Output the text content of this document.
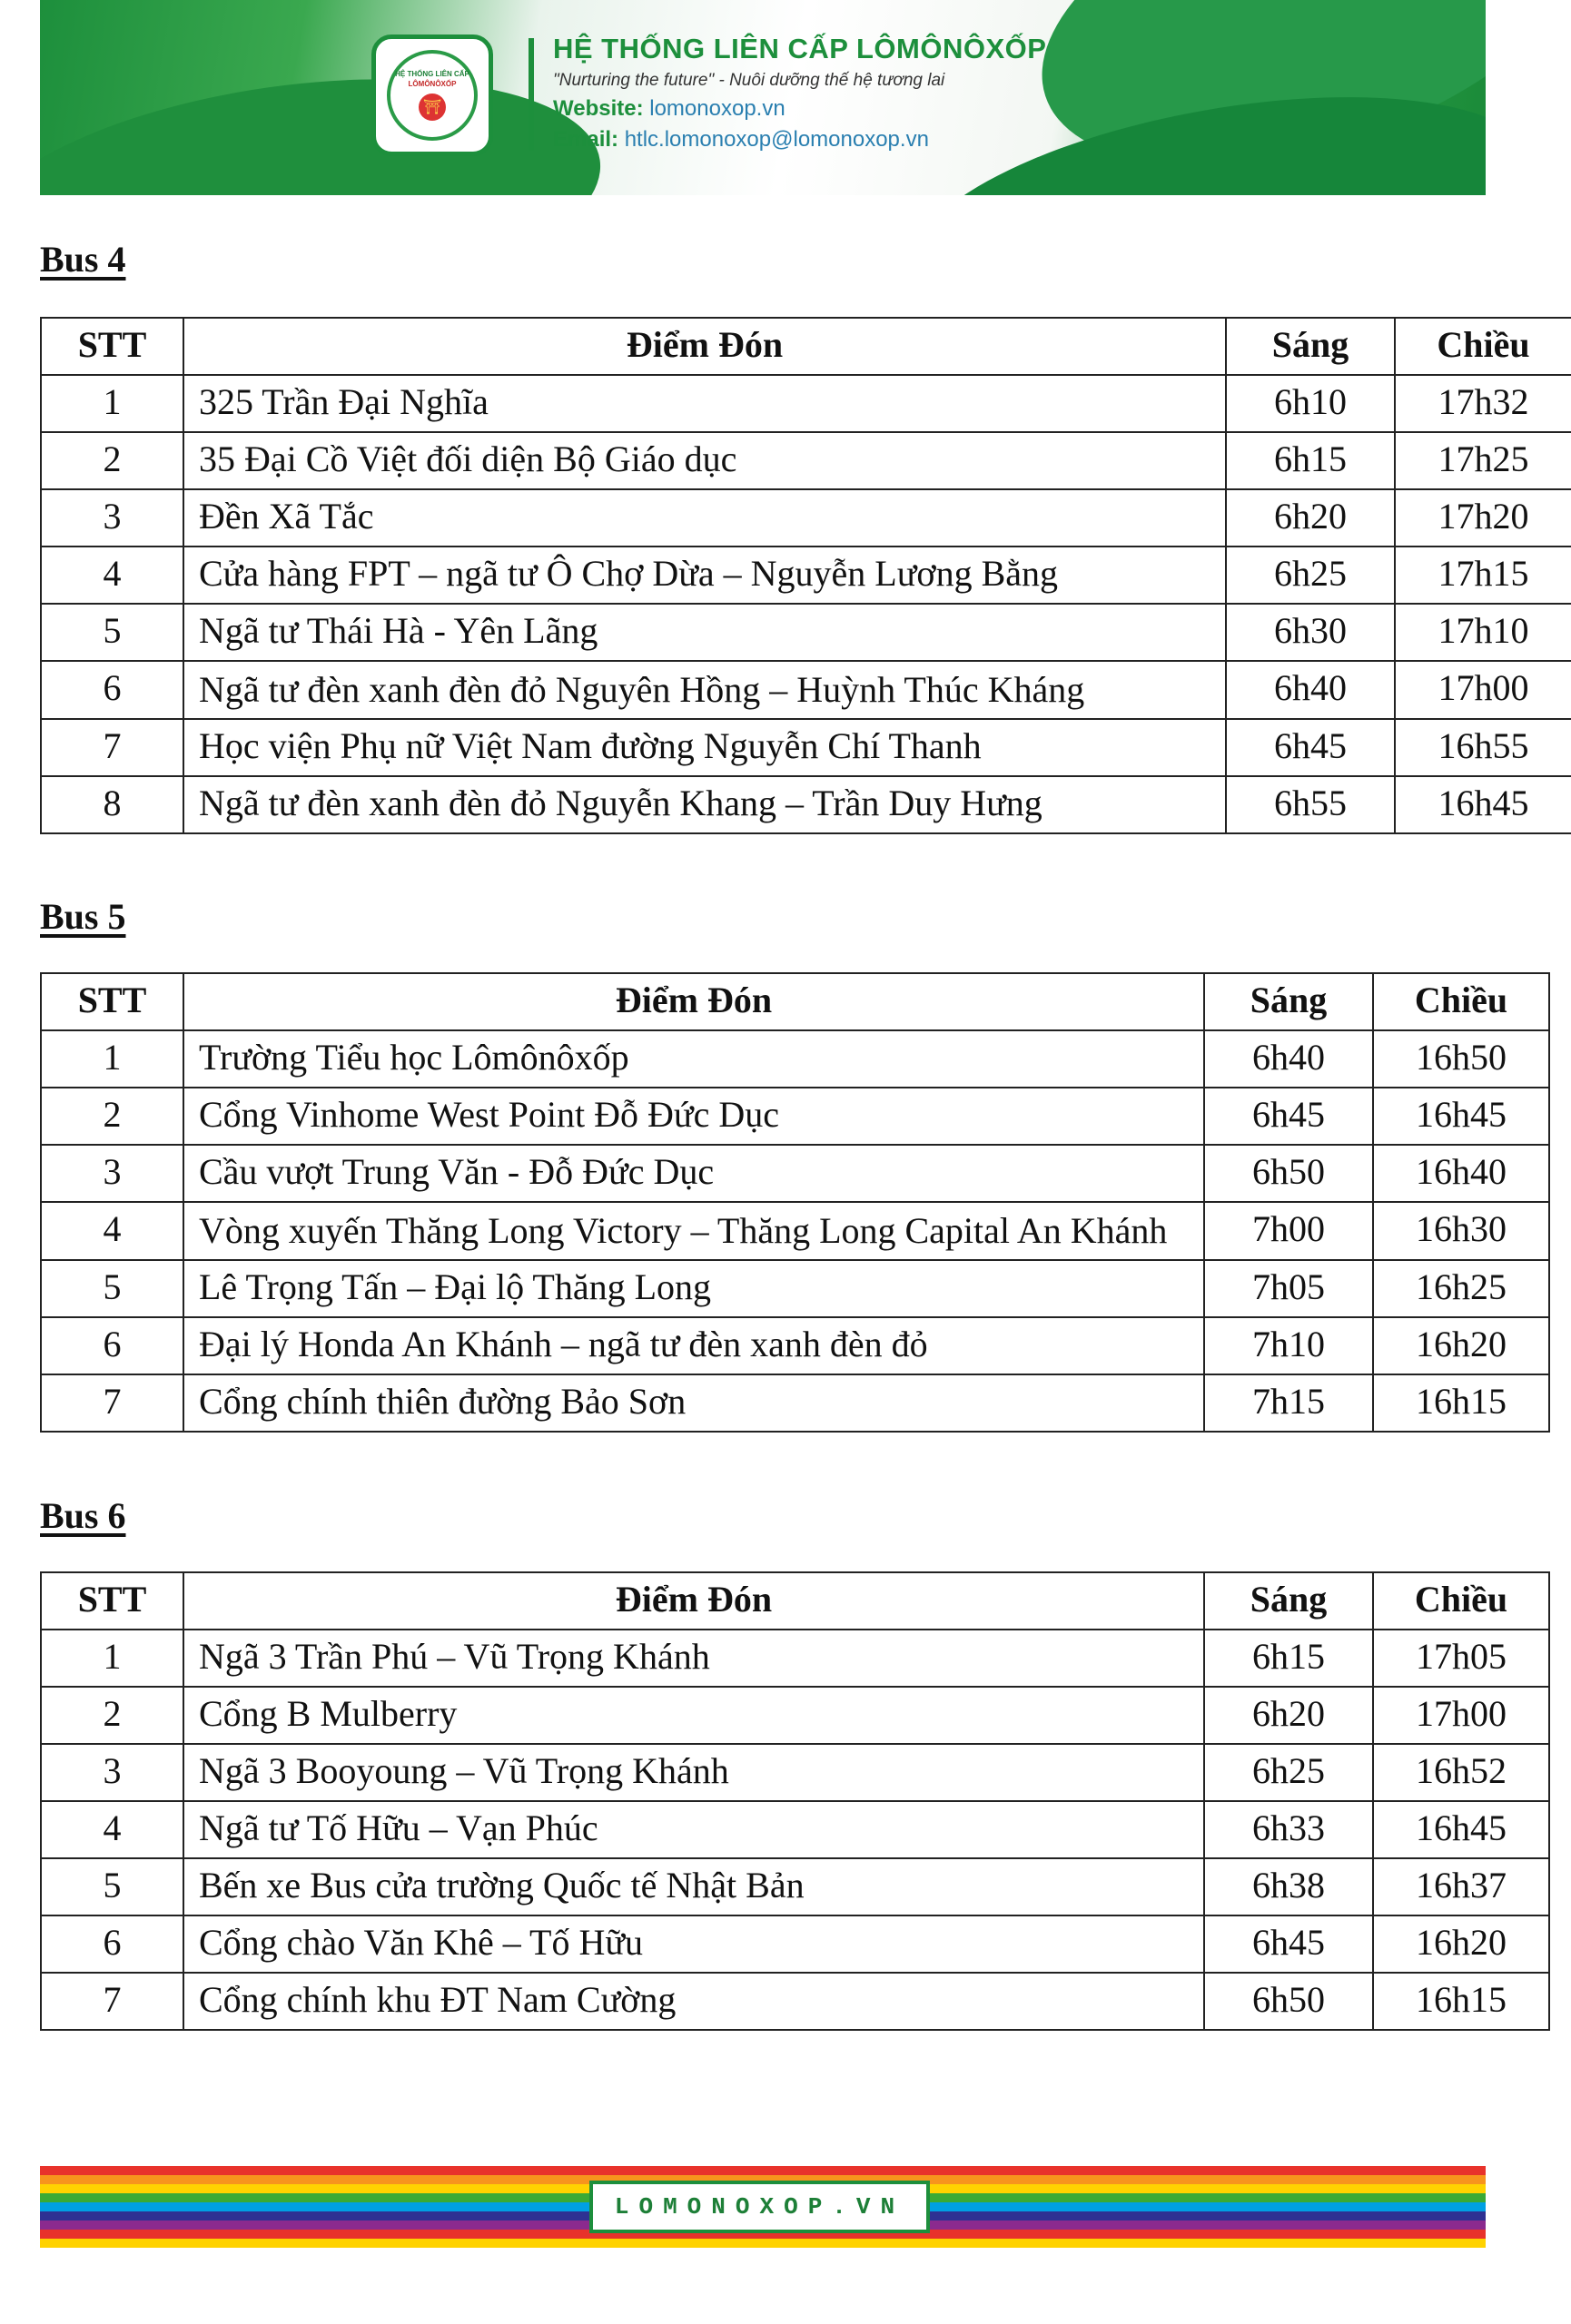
HỆ THỐNG LIÊN CẤP
LÔMÔNÔXỐP
⛩
HỆ THỐNG LIÊN CẤP LÔMÔNÔXỐP
"Nurturing the future" - Nuôi dưỡng thế hệ tương lai
Website: lomonoxop.vn
Email: htlc.lomonoxop@lomonoxop.vn
Bus 4
STT	Điểm Đón	Sáng	Chiều
1	325 Trần Đại Nghĩa	6h10	17h32
2	35 Đại Cồ Việt đối diện Bộ Giáo dục	6h15	17h25
3	Đền Xã Tắc	6h20	17h20
4	Cửa hàng FPT – ngã tư Ô Chợ Dừa – Nguyễn Lương Bằng	6h25	17h15
5	Ngã tư Thái Hà - Yên Lãng	6h30	17h10
6	Ngã tư đèn xanh đèn đỏ Nguyên Hồng – Huỳnh Thúc Kháng	6h40	17h00
7	Học viện Phụ nữ Việt Nam đường Nguyễn Chí Thanh	6h45	16h55
8	Ngã tư đèn xanh đèn đỏ Nguyễn Khang – Trần Duy Hưng	6h55	16h45
Bus 5
STT	Điểm Đón	Sáng	Chiều
1	Trường Tiểu học Lômônôxốp	6h40	16h50
2	Cổng Vinhome West Point Đỗ Đức Dục	6h45	16h45
3	Cầu vượt Trung Văn - Đỗ Đức Dục	6h50	16h40
4	Vòng xuyến Thăng Long Victory – Thăng Long Capital An Khánh	7h00	16h30
5	Lê Trọng Tấn – Đại lộ Thăng Long	7h05	16h25
6	Đại lý Honda An Khánh – ngã tư đèn xanh đèn đỏ	7h10	16h20
7	Cổng chính thiên đường Bảo Sơn	7h15	16h15
Bus 6
STT	Điểm Đón	Sáng	Chiều
1	Ngã 3 Trần Phú – Vũ Trọng Khánh	6h15	17h05
2	Cổng B Mulberry	6h20	17h00
3	Ngã 3 Booyoung – Vũ Trọng Khánh	6h25	16h52
4	Ngã tư Tố Hữu – Vạn Phúc	6h33	16h45
5	Bến xe Bus cửa trường Quốc tế Nhật Bản	6h38	16h37
6	Cổng chào Văn Khê – Tố Hữu	6h45	16h20
7	Cổng chính khu ĐT Nam Cường	6h50	16h15
LOMONOXOP.VN
